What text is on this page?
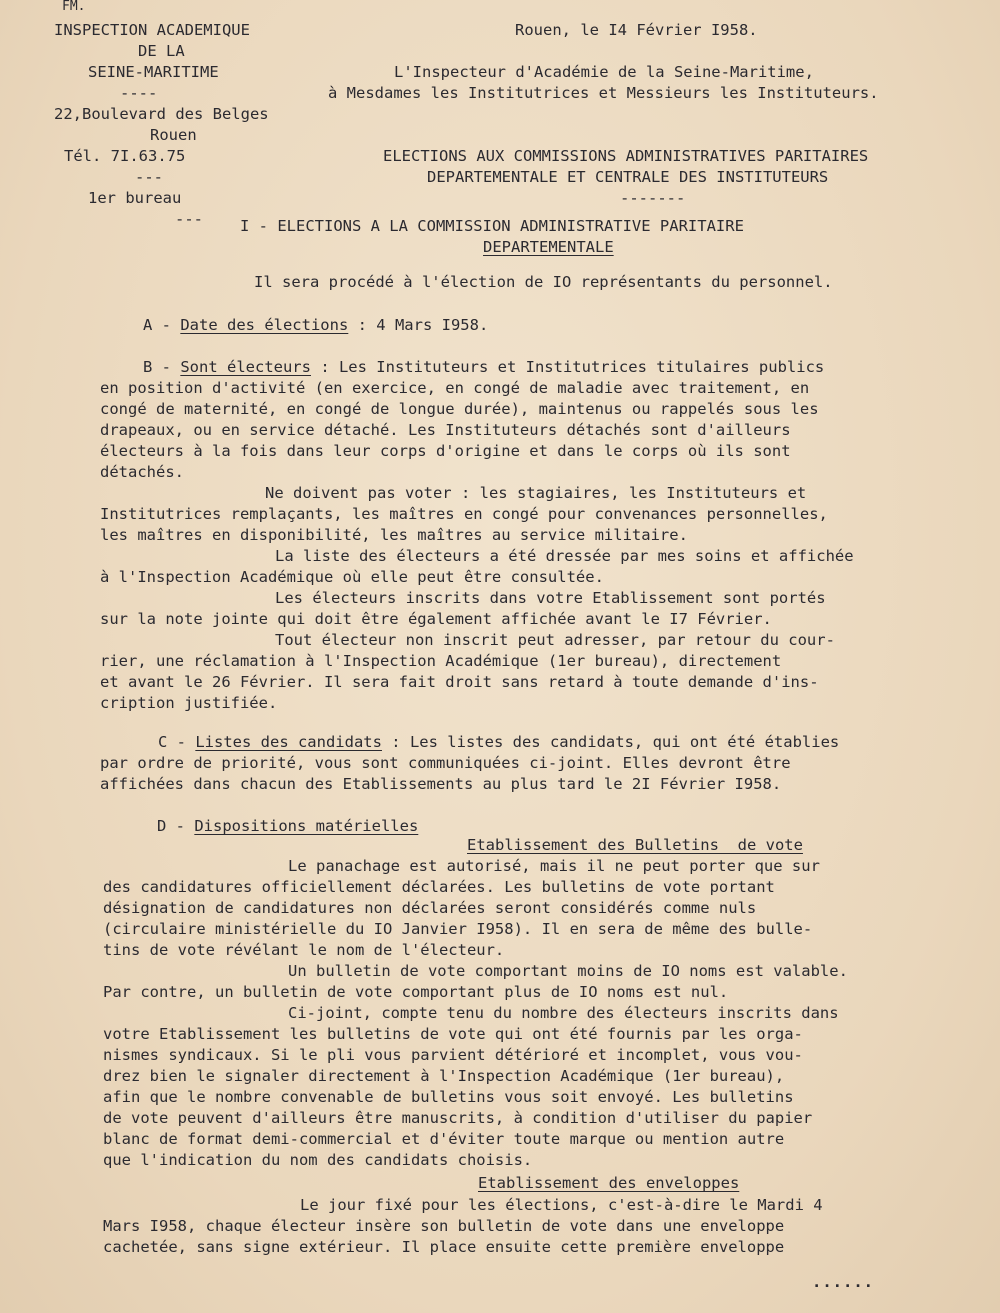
FM.
INSPECTION ACADEMIQUE
DE LA
SEINE-MARITIME
----
22,Boulevard des Belges
Rouen
Tél. 7I.63.75
---
1er bureau
---
Rouen, le I4 Février I958.
L'Inspecteur d'Académie de la Seine-Maritime,
à Mesdames les Institutrices et Messieurs les Instituteurs.
ELECTIONS AUX COMMISSIONS ADMINISTRATIVES PARITAIRES
DEPARTEMENTALE ET CENTRALE DES INSTITUTEURS
-------
I - ELECTIONS A LA COMMISSION ADMINISTRATIVE PARITAIRE
DEPARTEMENTALE
Il sera procédé à l'élection de IO représentants du personnel.
A - Date des élections : 4 Mars I958.
B - Sont électeurs : Les Instituteurs et Institutrices titulaires publics
en position d'activité (en exercice, en congé de maladie avec traitement, en
congé de maternité, en congé de longue durée), maintenus ou rappelés sous les
drapeaux, ou en service détaché. Les Instituteurs détachés sont d'ailleurs
électeurs à la fois dans leur corps d'origine et dans le corps où ils sont
détachés.
Ne doivent pas voter : les stagiaires, les Instituteurs et
Institutrices remplaçants, les maîtres en congé pour convenances personnelles,
les maîtres en disponibilité, les maîtres au service militaire.
La liste des électeurs a été dressée par mes soins et affichée
à l'Inspection Académique où elle peut être consultée.
Les électeurs inscrits dans votre Etablissement sont portés
sur la note jointe qui doit être également affichée avant le I7 Février.
Tout électeur non inscrit peut adresser, par retour du cour-
rier, une réclamation à l'Inspection Académique (1er bureau), directement
et avant le 26 Février. Il sera fait droit sans retard à toute demande d'ins-
cription justifiée.
C - Listes des candidats : Les listes des candidats, qui ont été établies
par ordre de priorité, vous sont communiquées ci-joint. Elles devront être
affichées dans chacun des Etablissements au plus tard le 2I Février I958.
D - Dispositions matérielles
Etablissement des Bulletins  de vote
Le panachage est autorisé, mais il ne peut porter que sur
des candidatures officiellement déclarées. Les bulletins de vote portant
désignation de candidatures non déclarées seront considérés comme nuls
(circulaire ministérielle du IO Janvier I958). Il en sera de même des bulle-
tins de vote révélant le nom de l'électeur.
Un bulletin de vote comportant moins de IO noms est valable.
Par contre, un bulletin de vote comportant plus de IO noms est nul.
Ci-joint, compte tenu du nombre des électeurs inscrits dans
votre Etablissement les bulletins de vote qui ont été fournis par les orga-
nismes syndicaux. Si le pli vous parvient détérioré et incomplet, vous vou-
drez bien le signaler directement à l'Inspection Académique (1er bureau),
afin que le nombre convenable de bulletins vous soit envoyé. Les bulletins
de vote peuvent d'ailleurs être manuscrits, à condition d'utiliser du papier
blanc de format demi-commercial et d'éviter toute marque ou mention autre
que l'indication du nom des candidats choisis.
Etablissement des enveloppes
Le jour fixé pour les élections, c'est-à-dire le Mardi 4
Mars I958, chaque électeur insère son bulletin de vote dans une enveloppe
cachetée, sans signe extérieur. Il place ensuite cette première enveloppe
......
